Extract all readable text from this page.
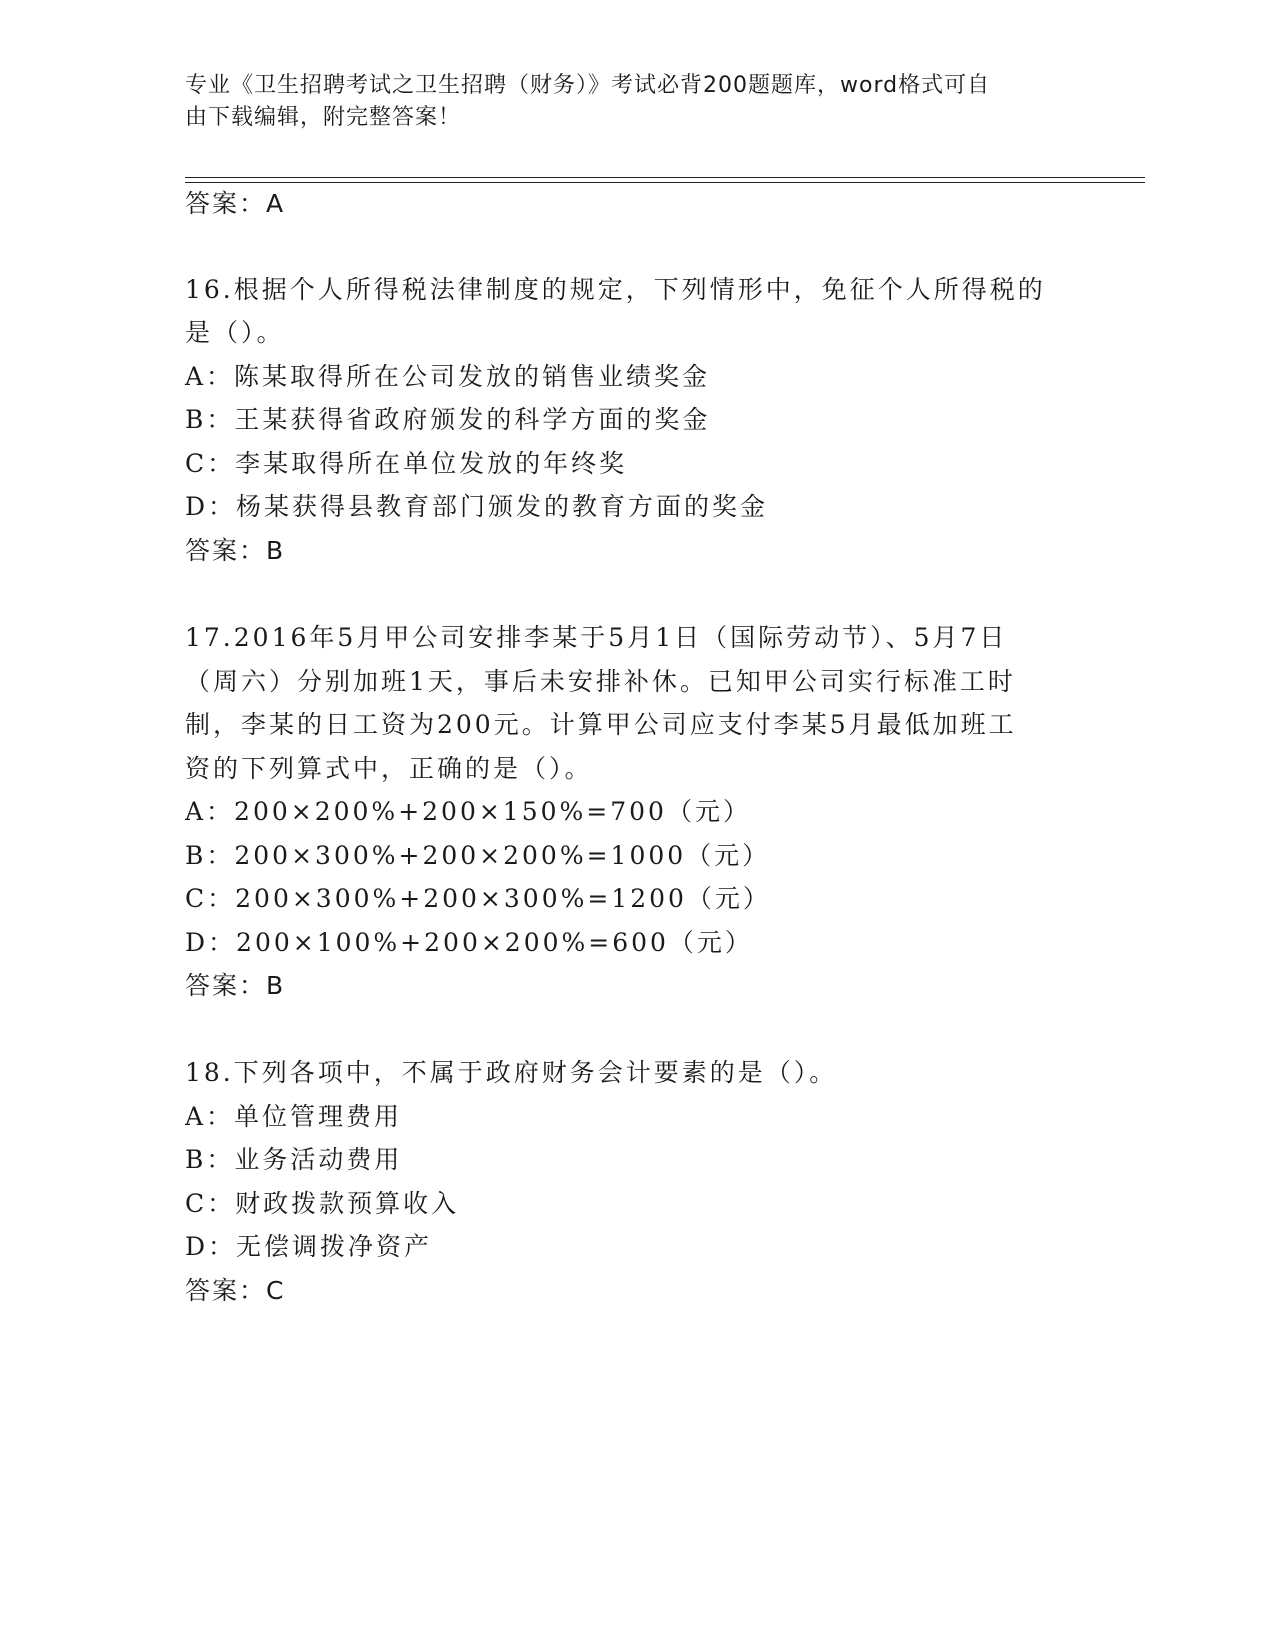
专业《卫生招聘考试之卫生招聘（财务）》考试必背200题题库，word格式可自
由下载编辑，附完整答案！
答案：A
16.根据个人所得税法律制度的规定，下列情形中，免征个人所得税的
是（）。
A：陈某取得所在公司发放的销售业绩奖金
B：王某获得省政府颁发的科学方面的奖金
C：李某取得所在单位发放的年终奖
D：杨某获得县教育部门颁发的教育方面的奖金
答案：B
17.2016年5月甲公司安排李某于5月1日（国际劳动节）、5月7日
（周六）分别加班1天，事后未安排补休。已知甲公司实行标准工时
制，李某的日工资为200元。计算甲公司应支付李某5月最低加班工
资的下列算式中，正确的是（）。
A：200×200%+200×150%=700（元）
B：200×300%+200×200%=1000（元）
C：200×300%+200×300%=1200（元）
D：200×100%+200×200%=600（元）
答案：B
18.下列各项中，不属于政府财务会计要素的是（）。
A：单位管理费用
B：业务活动费用
C：财政拨款预算收入
D：无偿调拨净资产
答案：C
